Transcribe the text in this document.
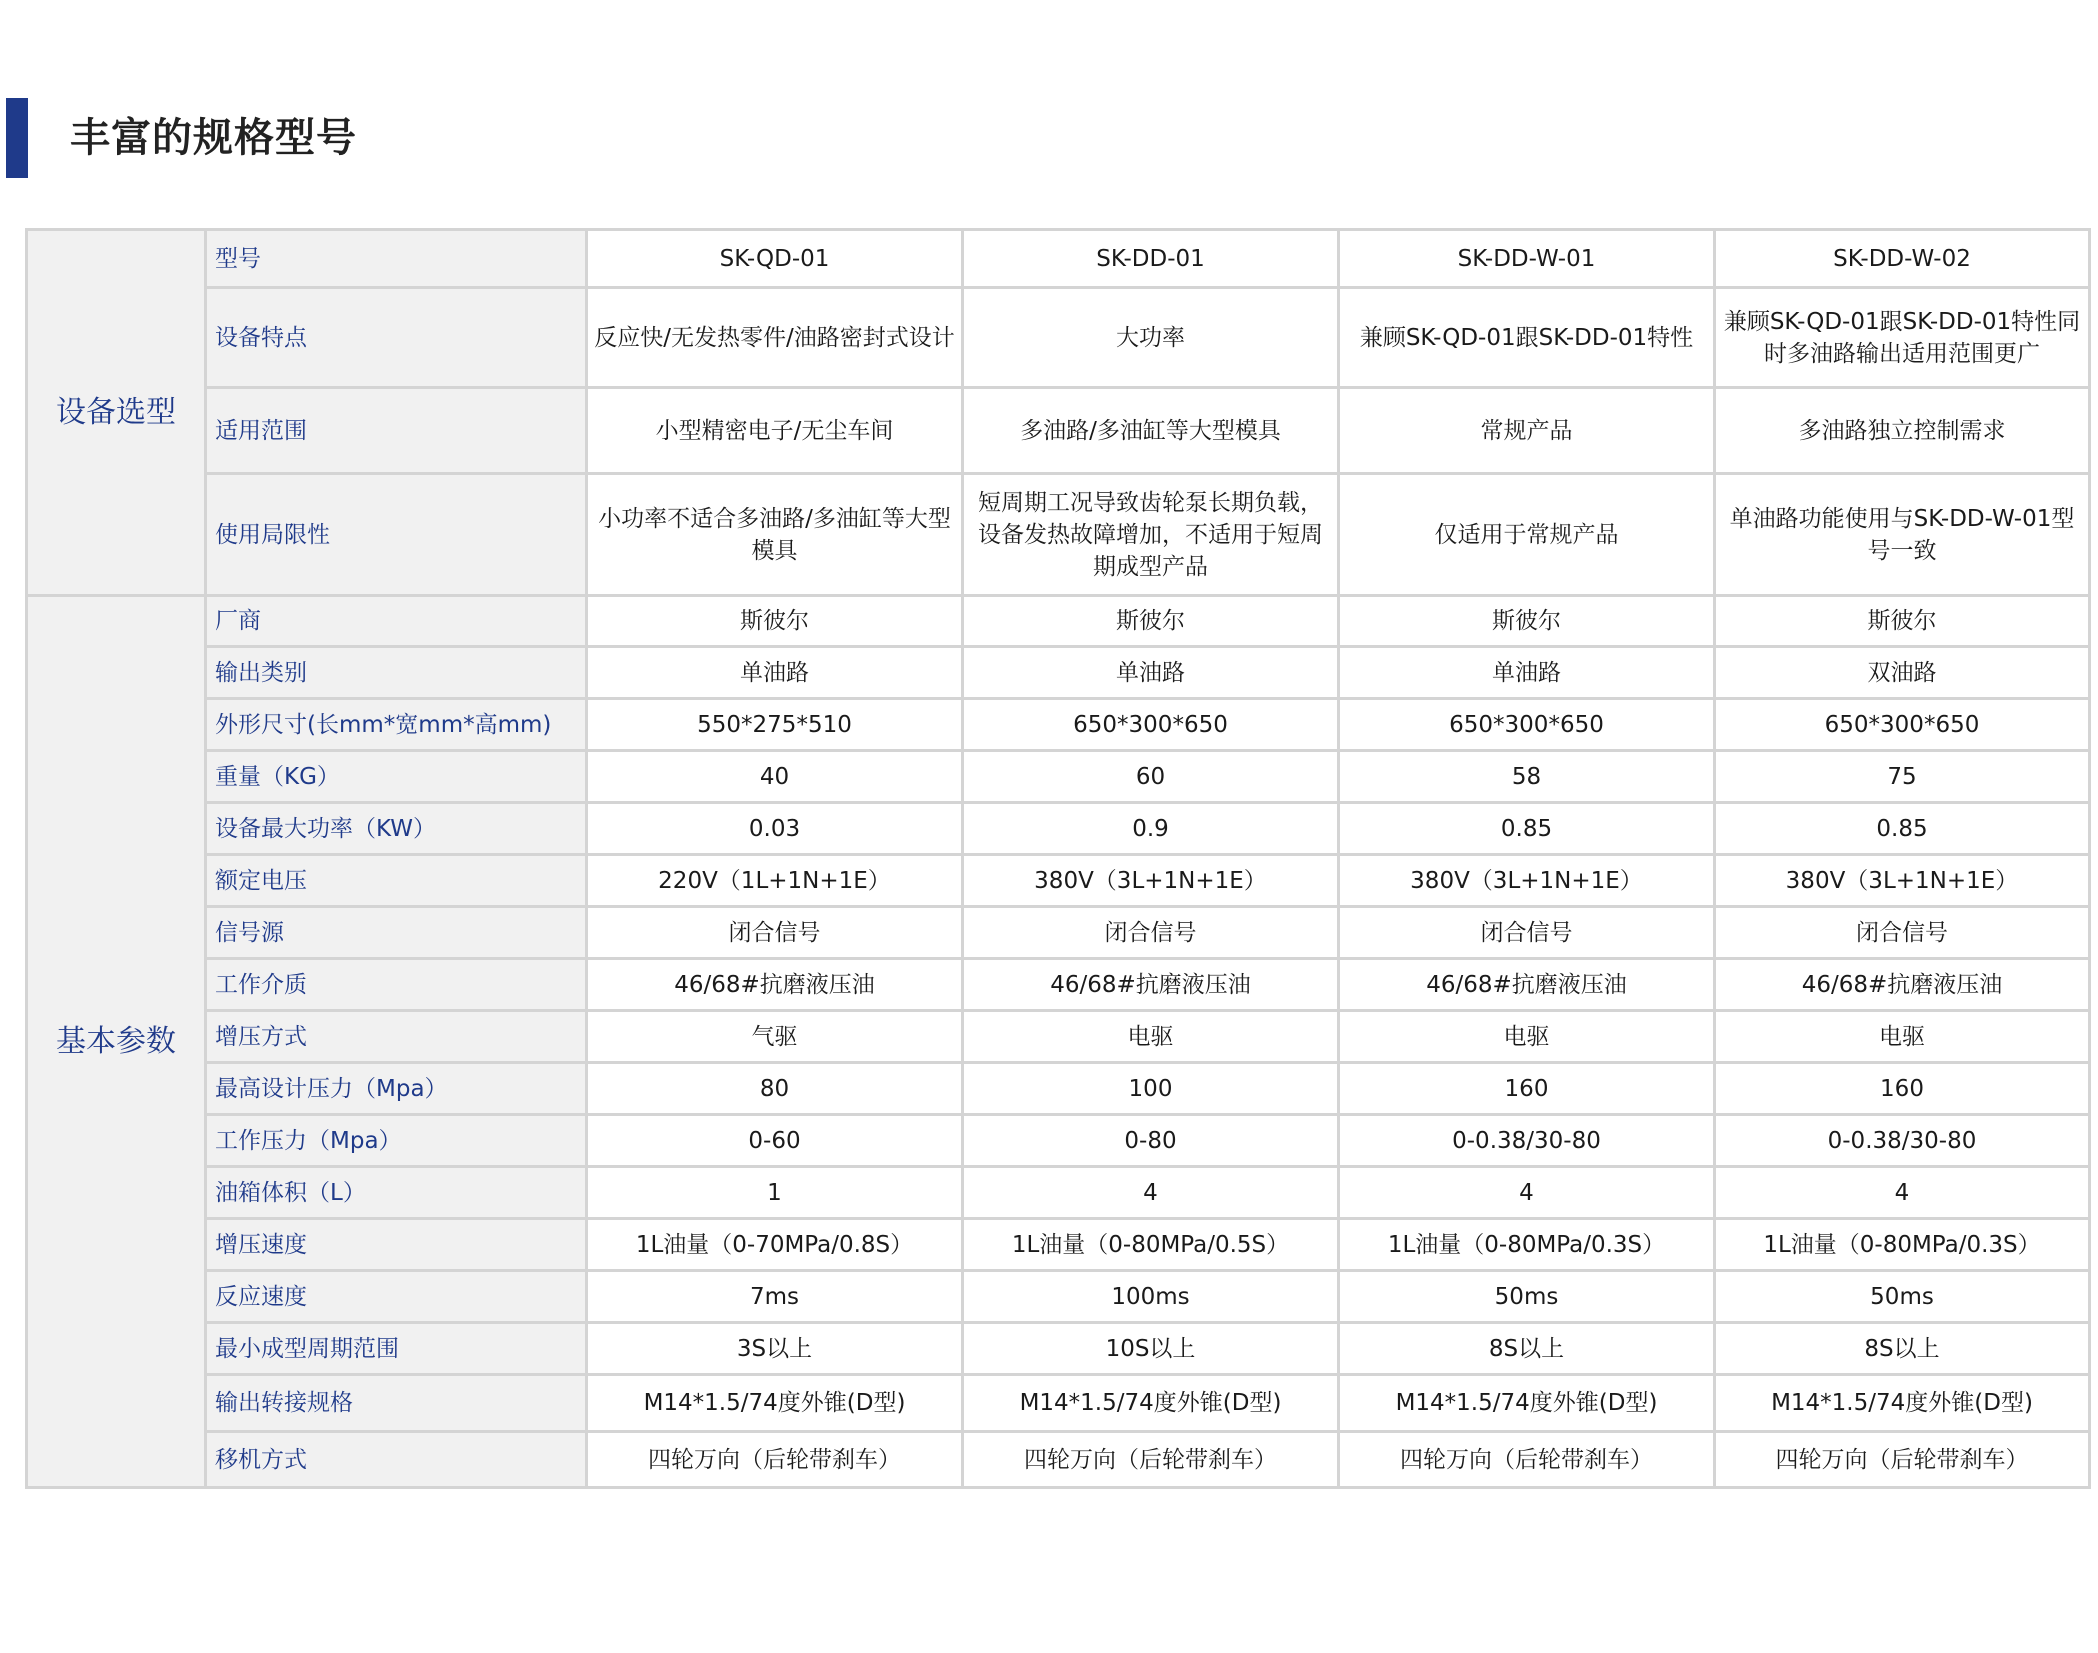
丰富的规格型号
设备选型	型号	SK-QD-01	SK-DD-01	SK-DD-W-01	SK-DD-W-02
	设备特点	反应快/无发热零件/油路密封式设计	大功率	兼顾SK-QD-01跟SK-DD-01特性	兼顾SK-QD-01跟SK-DD-01特性同时多油路输出适用范围更广
	适用范围	小型精密电子/无尘车间	多油路/多油缸等大型模具	常规产品	多油路独立控制需求
	使用局限性	小功率不适合多油路/多油缸等大型模具	短周期工况导致齿轮泵长期负载，设备发热故障增加，不适用于短周期成型产品	仅适用于常规产品	单油路功能使用与SK-DD-W-01型号一致
基本参数	厂商	斯彼尔	斯彼尔	斯彼尔	斯彼尔
	输出类别	单油路	单油路	单油路	双油路
	外形尺寸(长mm*宽mm*高mm)	550*275*510	650*300*650	650*300*650	650*300*650
	重量（KG）	40	60	58	75
	设备最大功率（KW）	0.03	0.9	0.85	0.85
	额定电压	220V（1L+1N+1E）	380V（3L+1N+1E）	380V（3L+1N+1E）	380V（3L+1N+1E）
	信号源	闭合信号	闭合信号	闭合信号	闭合信号
	工作介质	46/68#抗磨液压油	46/68#抗磨液压油	46/68#抗磨液压油	46/68#抗磨液压油
	增压方式	气驱	电驱	电驱	电驱
	最高设计压力（Mpa）	80	100	160	160
	工作压力（Mpa）	0-60	0-80	0-0.38/30-80	0-0.38/30-80
	油箱体积（L）	1	4	4	4
	增压速度	1L油量（0-70MPa/0.8S）	1L油量（0-80MPa/0.5S）	1L油量（0-80MPa/0.3S）	1L油量（0-80MPa/0.3S）
	反应速度	7ms	100ms	50ms	50ms
	最小成型周期范围	3S以上	10S以上	8S以上	8S以上
	输出转接规格	M14*1.5/74度外锥(D型)	M14*1.5/74度外锥(D型)	M14*1.5/74度外锥(D型)	M14*1.5/74度外锥(D型)
	移机方式	四轮万向（后轮带刹车）	四轮万向（后轮带刹车）	四轮万向（后轮带刹车）	四轮万向（后轮带刹车）
